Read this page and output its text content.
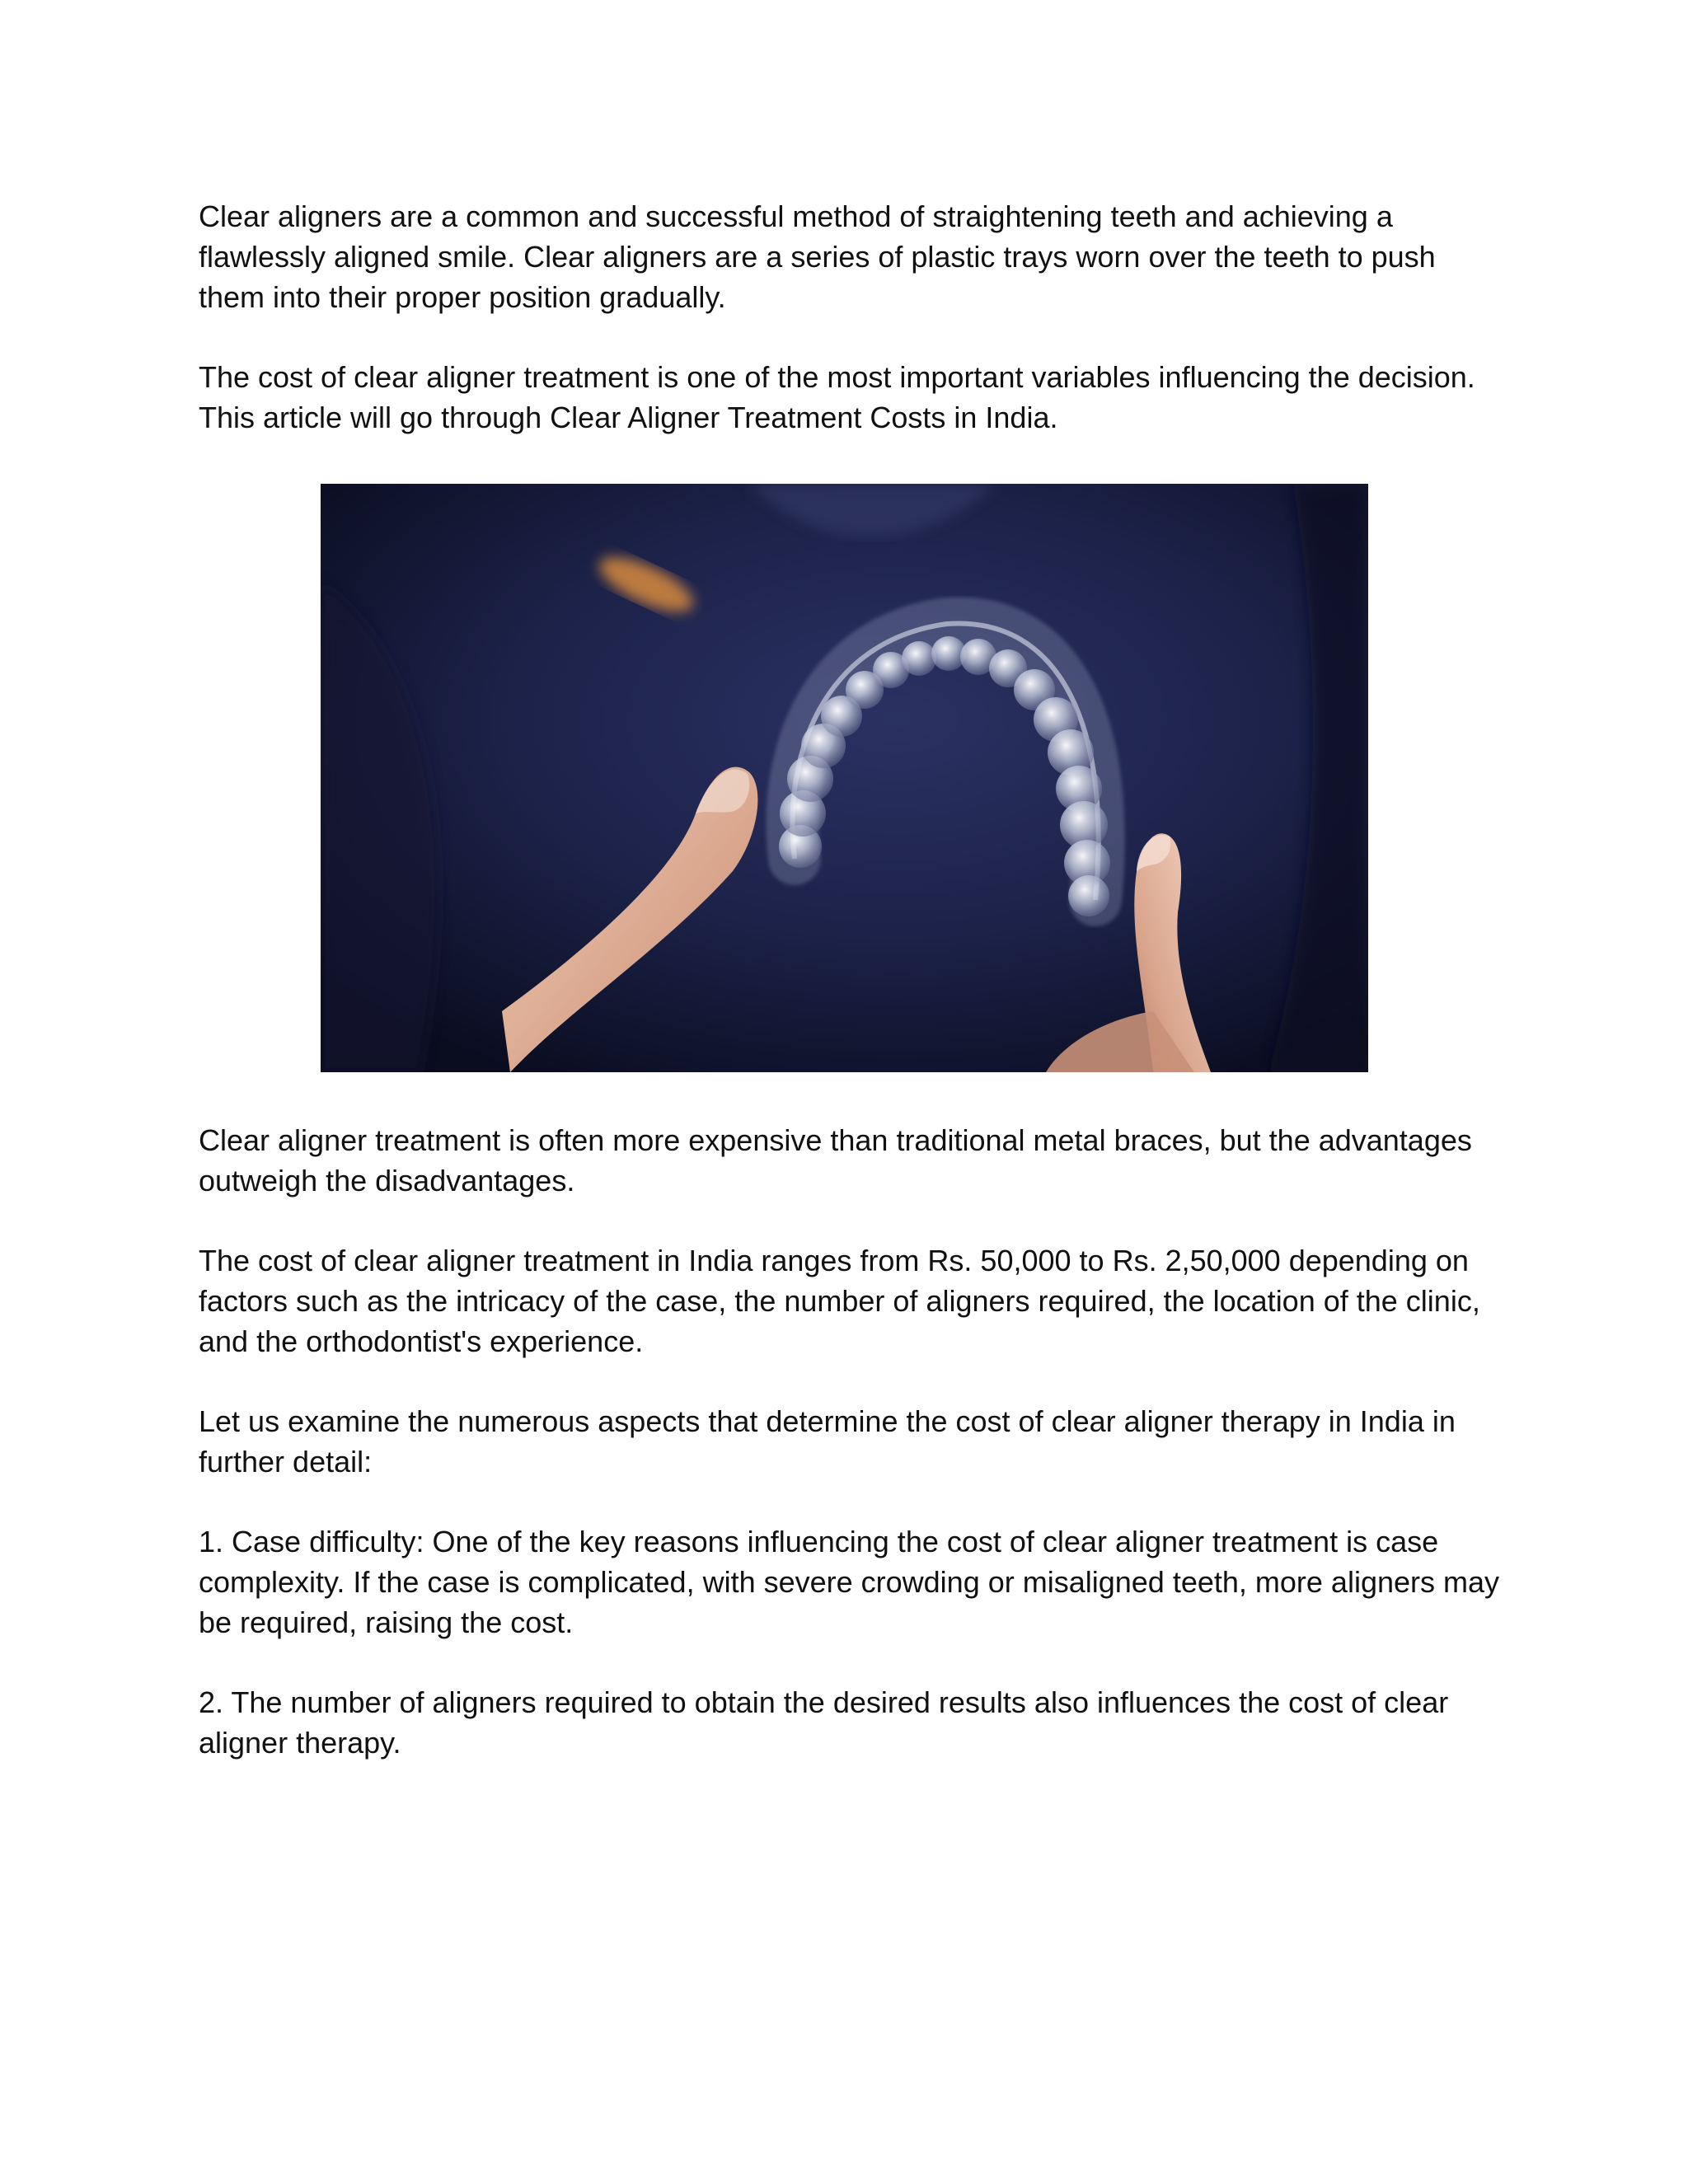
Clear aligners are a common and successful method of straightening teeth and achieving a flawlessly aligned smile. Clear aligners are a series of plastic trays worn over the teeth to push them into their proper position gradually.

The cost of clear aligner treatment is one of the most important variables influencing the decision. This article will go through Clear Aligner Treatment Costs in India.

Clear aligner treatment is often more expensive than traditional metal braces, but the advantages outweigh the disadvantages.

The cost of clear aligner treatment in India ranges from Rs. 50,000 to Rs. 2,50,000 depending on factors such as the intricacy of the case, the number of aligners required, the location of the clinic, and the orthodontist's experience.

Let us examine the numerous aspects that determine the cost of clear aligner therapy in India in further detail:

1. Case difficulty: One of the key reasons influencing the cost of clear aligner treatment is case complexity. If the case is complicated, with severe crowding or misaligned teeth, more aligners may be required, raising the cost.

2. The number of aligners required to obtain the desired results also influences the cost of clear aligner therapy.
